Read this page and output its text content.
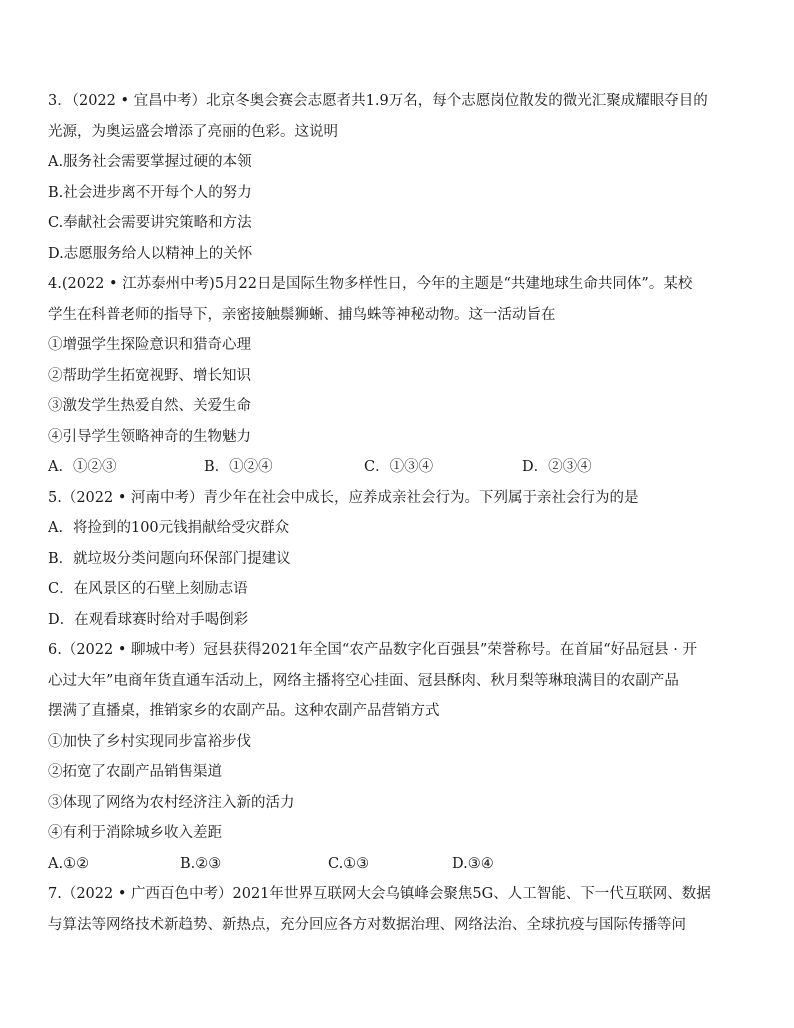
3．（2022 • 宜昌中考）北京冬奥会赛会志愿者共1.9万名，每个志愿岗位散发的微光汇聚成耀眼夺目的
光源，为奥运盛会增添了亮丽的色彩。这说明
A.服务社会需要掌握过硬的本领
B.社会进步离不开每个人的努力
C.奉献社会需要讲究策略和方法
D.志愿服务给人以精神上的关怀
4.(2022 • 江苏泰州中考)5月22日是国际生物多样性日，今年的主题是“共建地球生命共同体”。某校
学生在科普老师的指导下，亲密接触鬃狮蜥、捕鸟蛛等神秘动物。这一活动旨在
①增强学生探险意识和猎奇心理
②帮助学生拓宽视野、增长知识
③激发学生热爱自然、关爱生命
④引导学生领略神奇的生物魅力
A．①②③	B．①②④	C．①③④	D．②③④
5.（2022 • 河南中考）青少年在社会中成长，应养成亲社会行为。下列属于亲社会行为的是
A．将捡到的100元钱捐献给受灾群众
B．就垃圾分类问题向环保部门提建议
C．在风景区的石壁上刻励志语
D．在观看球赛时给对手喝倒彩
6.（2022 • 聊城中考）冠县获得2021年全国“农产品数字化百强县”荣誉称号。在首届“好品冠县 · 开
心过大年”电商年货直通车活动上，网络主播将空心挂面、冠县酥肉、秋月梨等琳琅满目的农副产品
摆满了直播桌，推销家乡的农副产品。这种农副产品营销方式
①加快了乡村实现同步富裕步伐
②拓宽了农副产品销售渠道
③体现了网络为农村经济注入新的活力
④有利于消除城乡收入差距
A.①②	B.②③	C.①③	D.③④
7.（2022 • 广西百色中考）2021年世界互联网大会乌镇峰会聚焦5G、人工智能、下一代互联网、数据
与算法等网络技术新趋势、新热点，充分回应各方对数据治理、网络法治、全球抗疫与国际传播等问
